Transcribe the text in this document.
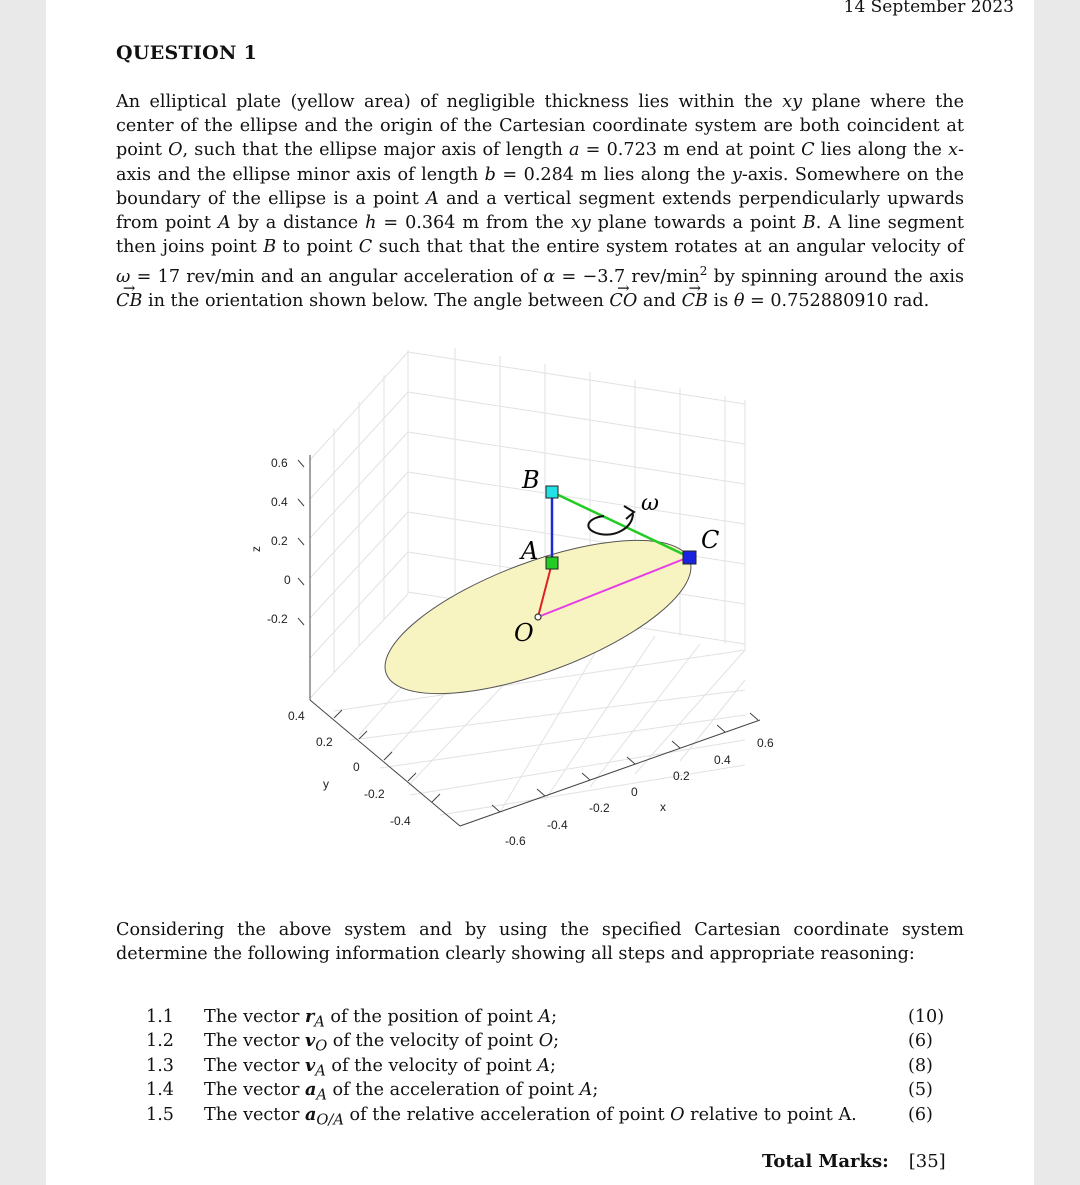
14 September 2023
QUESTION 1
An elliptical plate (yellow area) of negligible thickness lies within the xy plane where the center of the ellipse and the origin of the Cartesian coordinate system are both coincident at point O, such that the ellipse major axis of length a = 0.723 m end at point C lies along the x-axis and the ellipse minor axis of length b = 0.284 m lies along the y-axis. Somewhere on the boundary of the ellipse is a point A and a vertical segment extends perpendicularly upwards from point A by a distance h = 0.364 m from the xy plane towards a point B. A line segment then joins point B to point C such that that the entire system rotates at an angular velocity of ω = 17 rev/min and an angular acceleration of α = −3.7 rev/$\min^2$ by spinning around the axis → CB in the orientation shown below. The angle between → CO and → CB is θ = 0.752880910 rad.
0.6
0.4
0.2
0
-0.2
z
0.4
0.2
0
-0.2
-0.4
y
-0.6
-0.4
-0.2
0
0.2
0.4
0.6
x
B
A	C
O
ω
Considering the above system and by using the specified Cartesian coordinate system determine the following information clearly showing all steps and appropriate reasoning:
1.1 The vector $r_A$ of the position of point A;	(10)
1.2 The vector $v_O$ of the velocity of point O;	(6)
1.3 The vector $v_A$ of the velocity of point A;	(8)
1.4 The vector $a_A$ of the acceleration of point A;	(5)
1.5 The vector $a_{O/A}$ of the relative acceleration of point O relative to point A.	(6)
Total Marks: [35]
